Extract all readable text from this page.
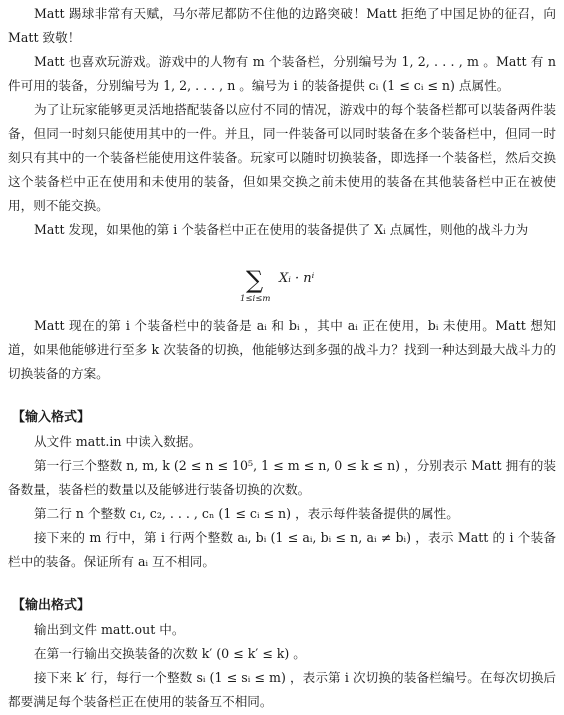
Matt 踢球非常有天赋，马尔蒂尼都防不住他的边路突破！Matt 拒绝了中国足协的征召，向 Matt 致敬！

Matt 也喜欢玩游戏。游戏中的人物有 m 个装备栏，分别编号为 1, 2, . . . , m 。Matt 有 n 件可用的装备，分别编号为 1, 2, . . . , n 。编号为 i 的装备提供 cᵢ (1 ≤ cᵢ ≤ n) 点属性。

为了让玩家能够更灵活地搭配装备以应付不同的情况，游戏中的每个装备栏都可以装备两件装备，但同一时刻只能使用其中的一件。并且，同一件装备可以同时装备在多个装备栏中，但同一时刻只有其中的一个装备栏能使用这件装备。玩家可以随时切换装备，即选择一个装备栏，然后交换这个装备栏中正在使用和未使用的装备，但如果交换之前未使用的装备在其他装备栏中正在被使用，则不能交换。

Matt 发现，如果他的第 i 个装备栏中正在使用的装备提供了 Xᵢ 点属性，则他的战斗力为

∑
1≤i≤m
Xᵢ · nⁱ

Matt 现在的第 i 个装备栏中的装备是 aᵢ 和 bᵢ ，其中 aᵢ 正在使用，bᵢ 未使用。Matt 想知道，如果他能够进行至多 k 次装备的切换，他能够达到多强的战斗力？找到一种达到最大战斗力的切换装备的方案。

【输入格式】

从文件 matt.in 中读入数据。

第一行三个整数 n, m, k (2 ≤ n ≤ 10⁵, 1 ≤ m ≤ n, 0 ≤ k ≤ n) ，分别表示 Matt 拥有的装备数量，装备栏的数量以及能够进行装备切换的次数。

第二行 n 个整数 c₁, c₂, . . . , cₙ (1 ≤ cᵢ ≤ n) ，表示每件装备提供的属性。

接下来的 m 行中，第 i 行两个整数 aᵢ, bᵢ (1 ≤ aᵢ, bᵢ ≤ n, aᵢ ≠ bᵢ) ，表示 Matt 的 i 个装备栏中的装备。保证所有 aᵢ 互不相同。

【输出格式】

输出到文件 matt.out 中。

在第一行输出交换装备的次数 k′ (0 ≤ k′ ≤ k) 。

接下来 k′ 行，每行一个整数 sᵢ (1 ≤ sᵢ ≤ m) ，表示第 i 次切换的装备栏编号。在每次切换后都要满足每个装备栏正在使用的装备互不相同。
